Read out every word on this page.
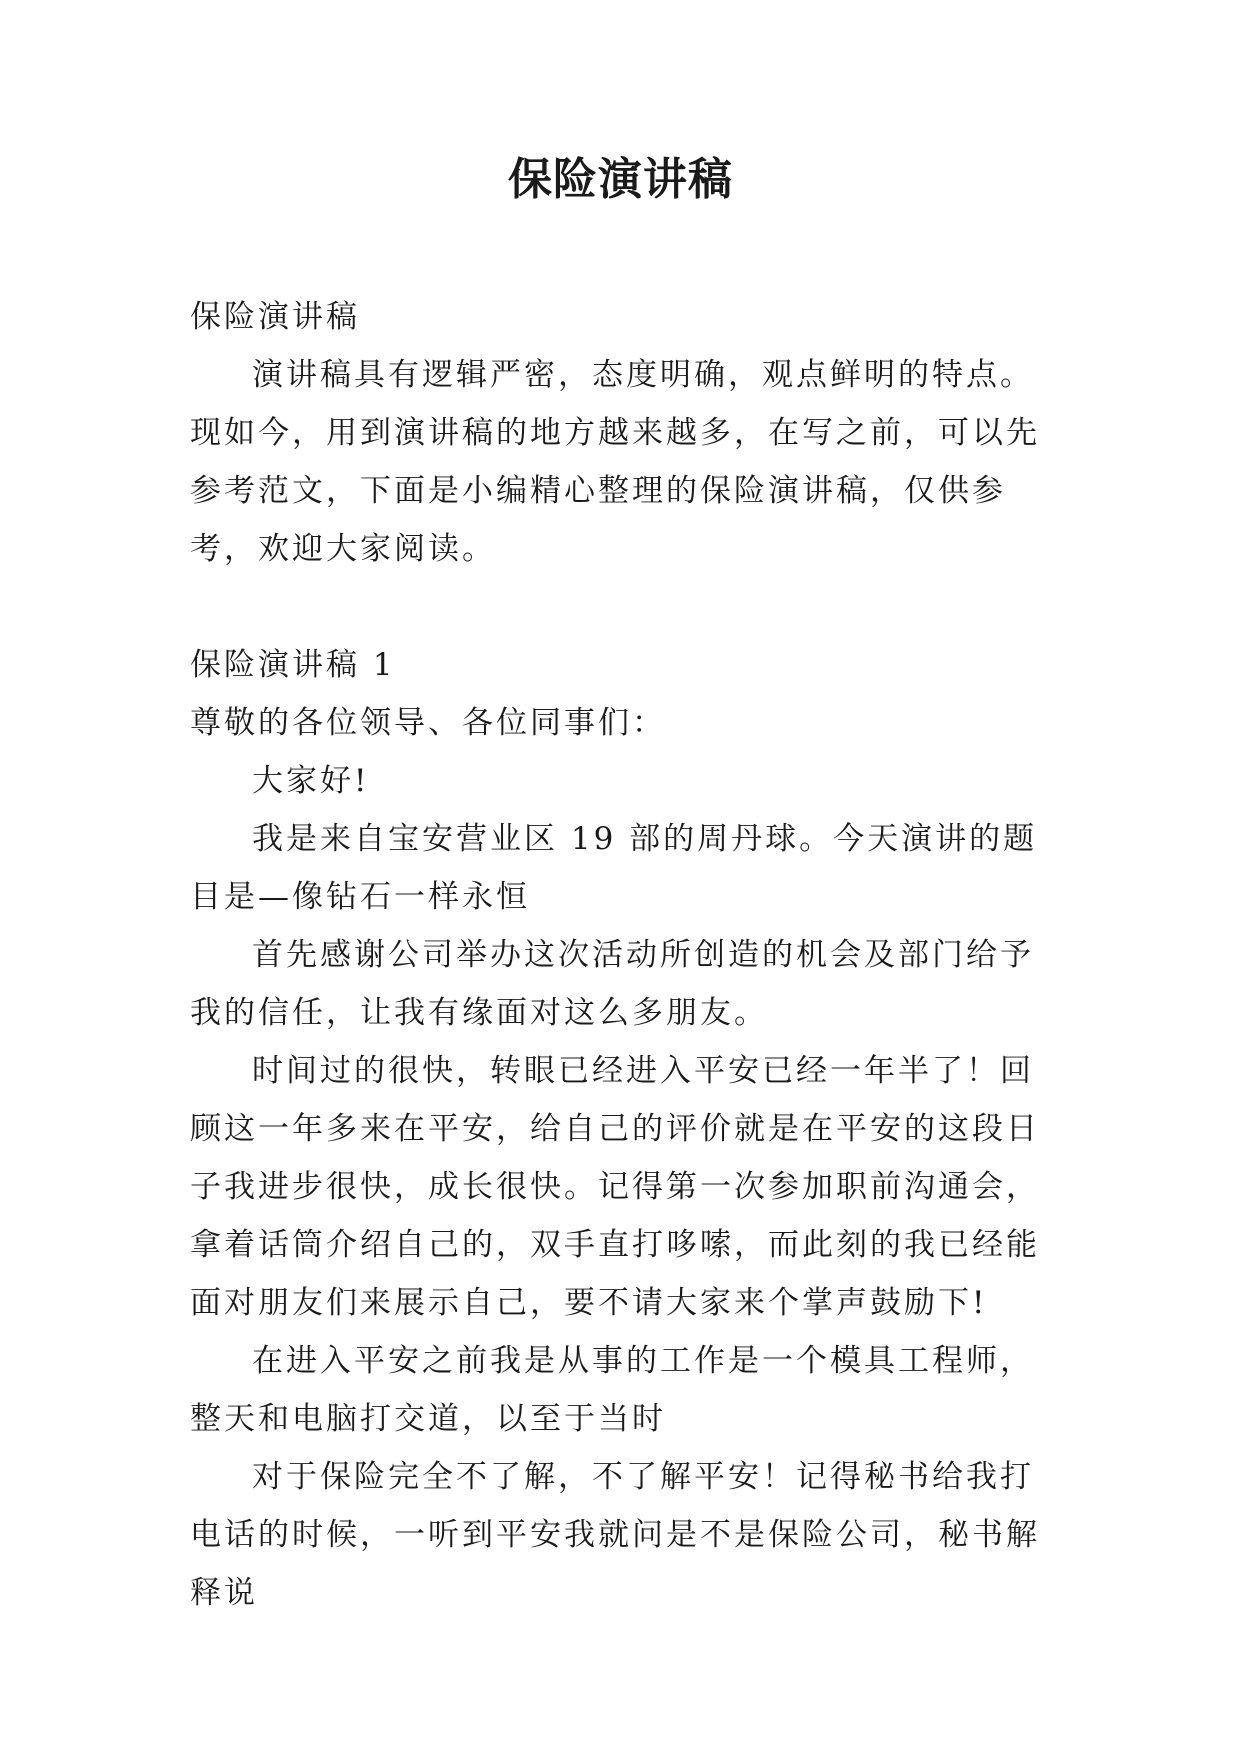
保险演讲稿

保险演讲稿

演讲稿具有逻辑严密，态度明确，观点鲜明的特点。现如今，用到演讲稿的地方越来越多，在写之前，可以先参考范文，下面是小编精心整理的保险演讲稿，仅供参考，欢迎大家阅读。

保险演讲稿 1

尊敬的各位领导、各位同事们：

大家好!

我是来自宝安营业区 19 部的周丹球。今天演讲的题目是—像钻石一样永恒

首先感谢公司举办这次活动所创造的机会及部门给予我的信任，让我有缘面对这么多朋友。

时间过的很快，转眼已经进入平安已经一年半了！回顾这一年多来在平安，给自己的评价就是在平安的这段日子我进步很快，成长很快。记得第一次参加职前沟通会，拿着话筒介绍自己的，双手直打哆嗦，而此刻的我已经能面对朋友们来展示自己，要不请大家来个掌声鼓励下!

在进入平安之前我是从事的工作是一个模具工程师，整天和电脑打交道，以至于当时

对于保险完全不了解，不了解平安！记得秘书给我打电话的时候，一听到平安我就问是不是保险公司，秘书解释说
